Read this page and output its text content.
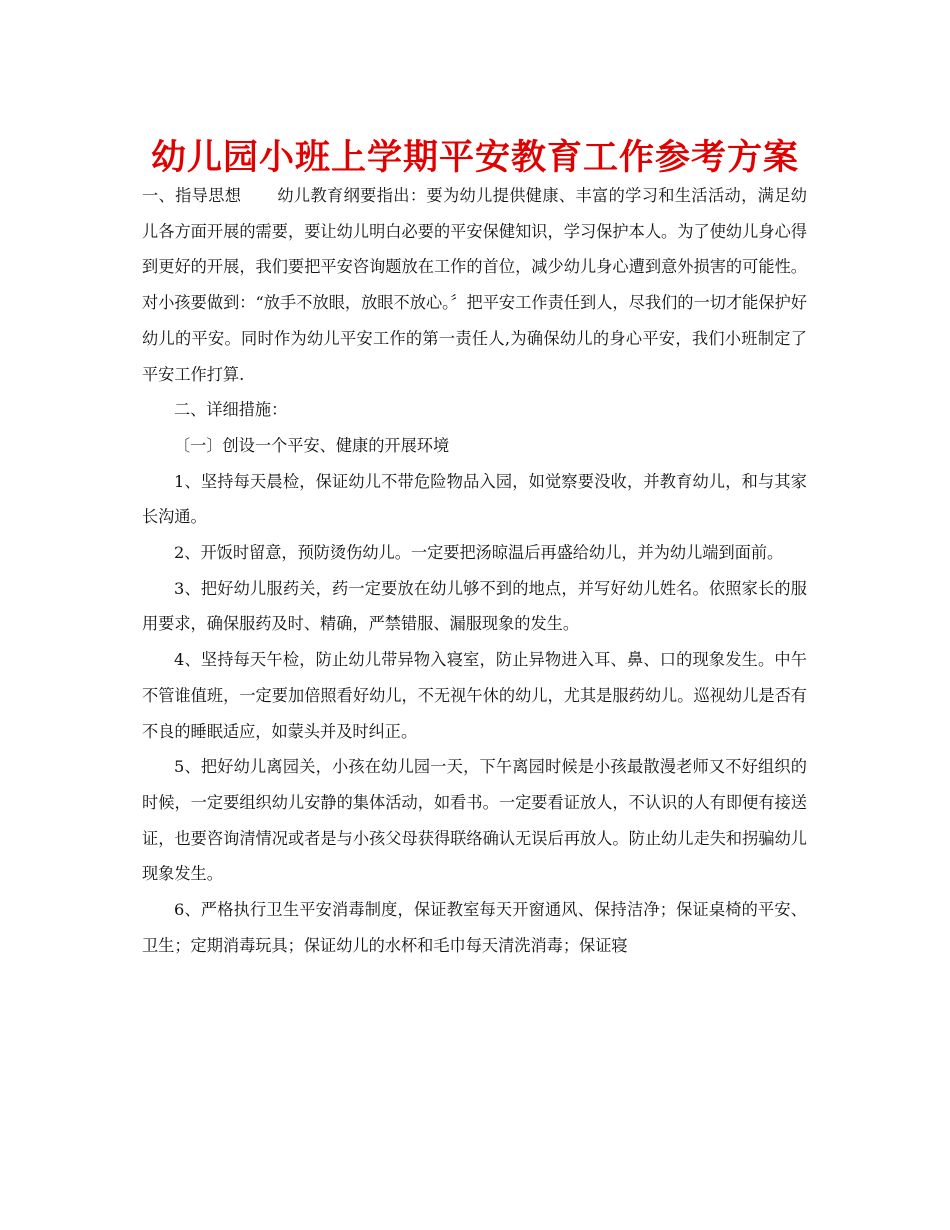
幼儿园小班上学期平安教育工作参考方案

一、指导思想 幼儿教育纲要指出：要为幼儿提供健康、丰富的学习和生活活动，满足幼儿各方面开展的需要，要让幼儿明白必要的平安保健知识，学习保护本人。为了使幼儿身心得到更好的开展，我们要把平安咨询题放在工作的首位，减少幼儿身心遭到意外损害的可能性。对小孩要做到：“放手不放眼，放眼不放心。〞把平安工作责任到人，尽我们的一切才能保护好幼儿的平安。同时作为幼儿平安工作的第一责任人,为确保幼儿的身心平安，我们小班制定了平安工作打算.

二、详细措施：

〔一〕创设一个平安、健康的开展环境

1、坚持每天晨检，保证幼儿不带危险物品入园，如觉察要没收，并教育幼儿，和与其家长沟通。

2、开饭时留意，预防烫伤幼儿。一定要把汤晾温后再盛给幼儿，并为幼儿端到面前。

3、把好幼儿服药关，药一定要放在幼儿够不到的地点，并写好幼儿姓名。依照家长的服用要求，确保服药及时、精确，严禁错服、漏服现象的发生。

4、坚持每天午检，防止幼儿带异物入寝室，防止异物进入耳、鼻、口的现象发生。中午不管谁值班，一定要加倍照看好幼儿，不无视午休的幼儿，尤其是服药幼儿。巡视幼儿是否有不良的睡眠适应，如蒙头并及时纠正。

5、把好幼儿离园关，小孩在幼儿园一天，下午离园时候是小孩最散漫老师又不好组织的时候，一定要组织幼儿安静的集体活动，如看书。一定要看证放人，不认识的人有即便有接送证，也要咨询清情况或者是与小孩父母获得联络确认无误后再放人。防止幼儿走失和拐骗幼儿现象发生。

6、严格执行卫生平安消毒制度，保证教室每天开窗通风、保持洁净；保证桌椅的平安、卫生；定期消毒玩具；保证幼儿的水杯和毛巾每天清洗消毒；保证寝
